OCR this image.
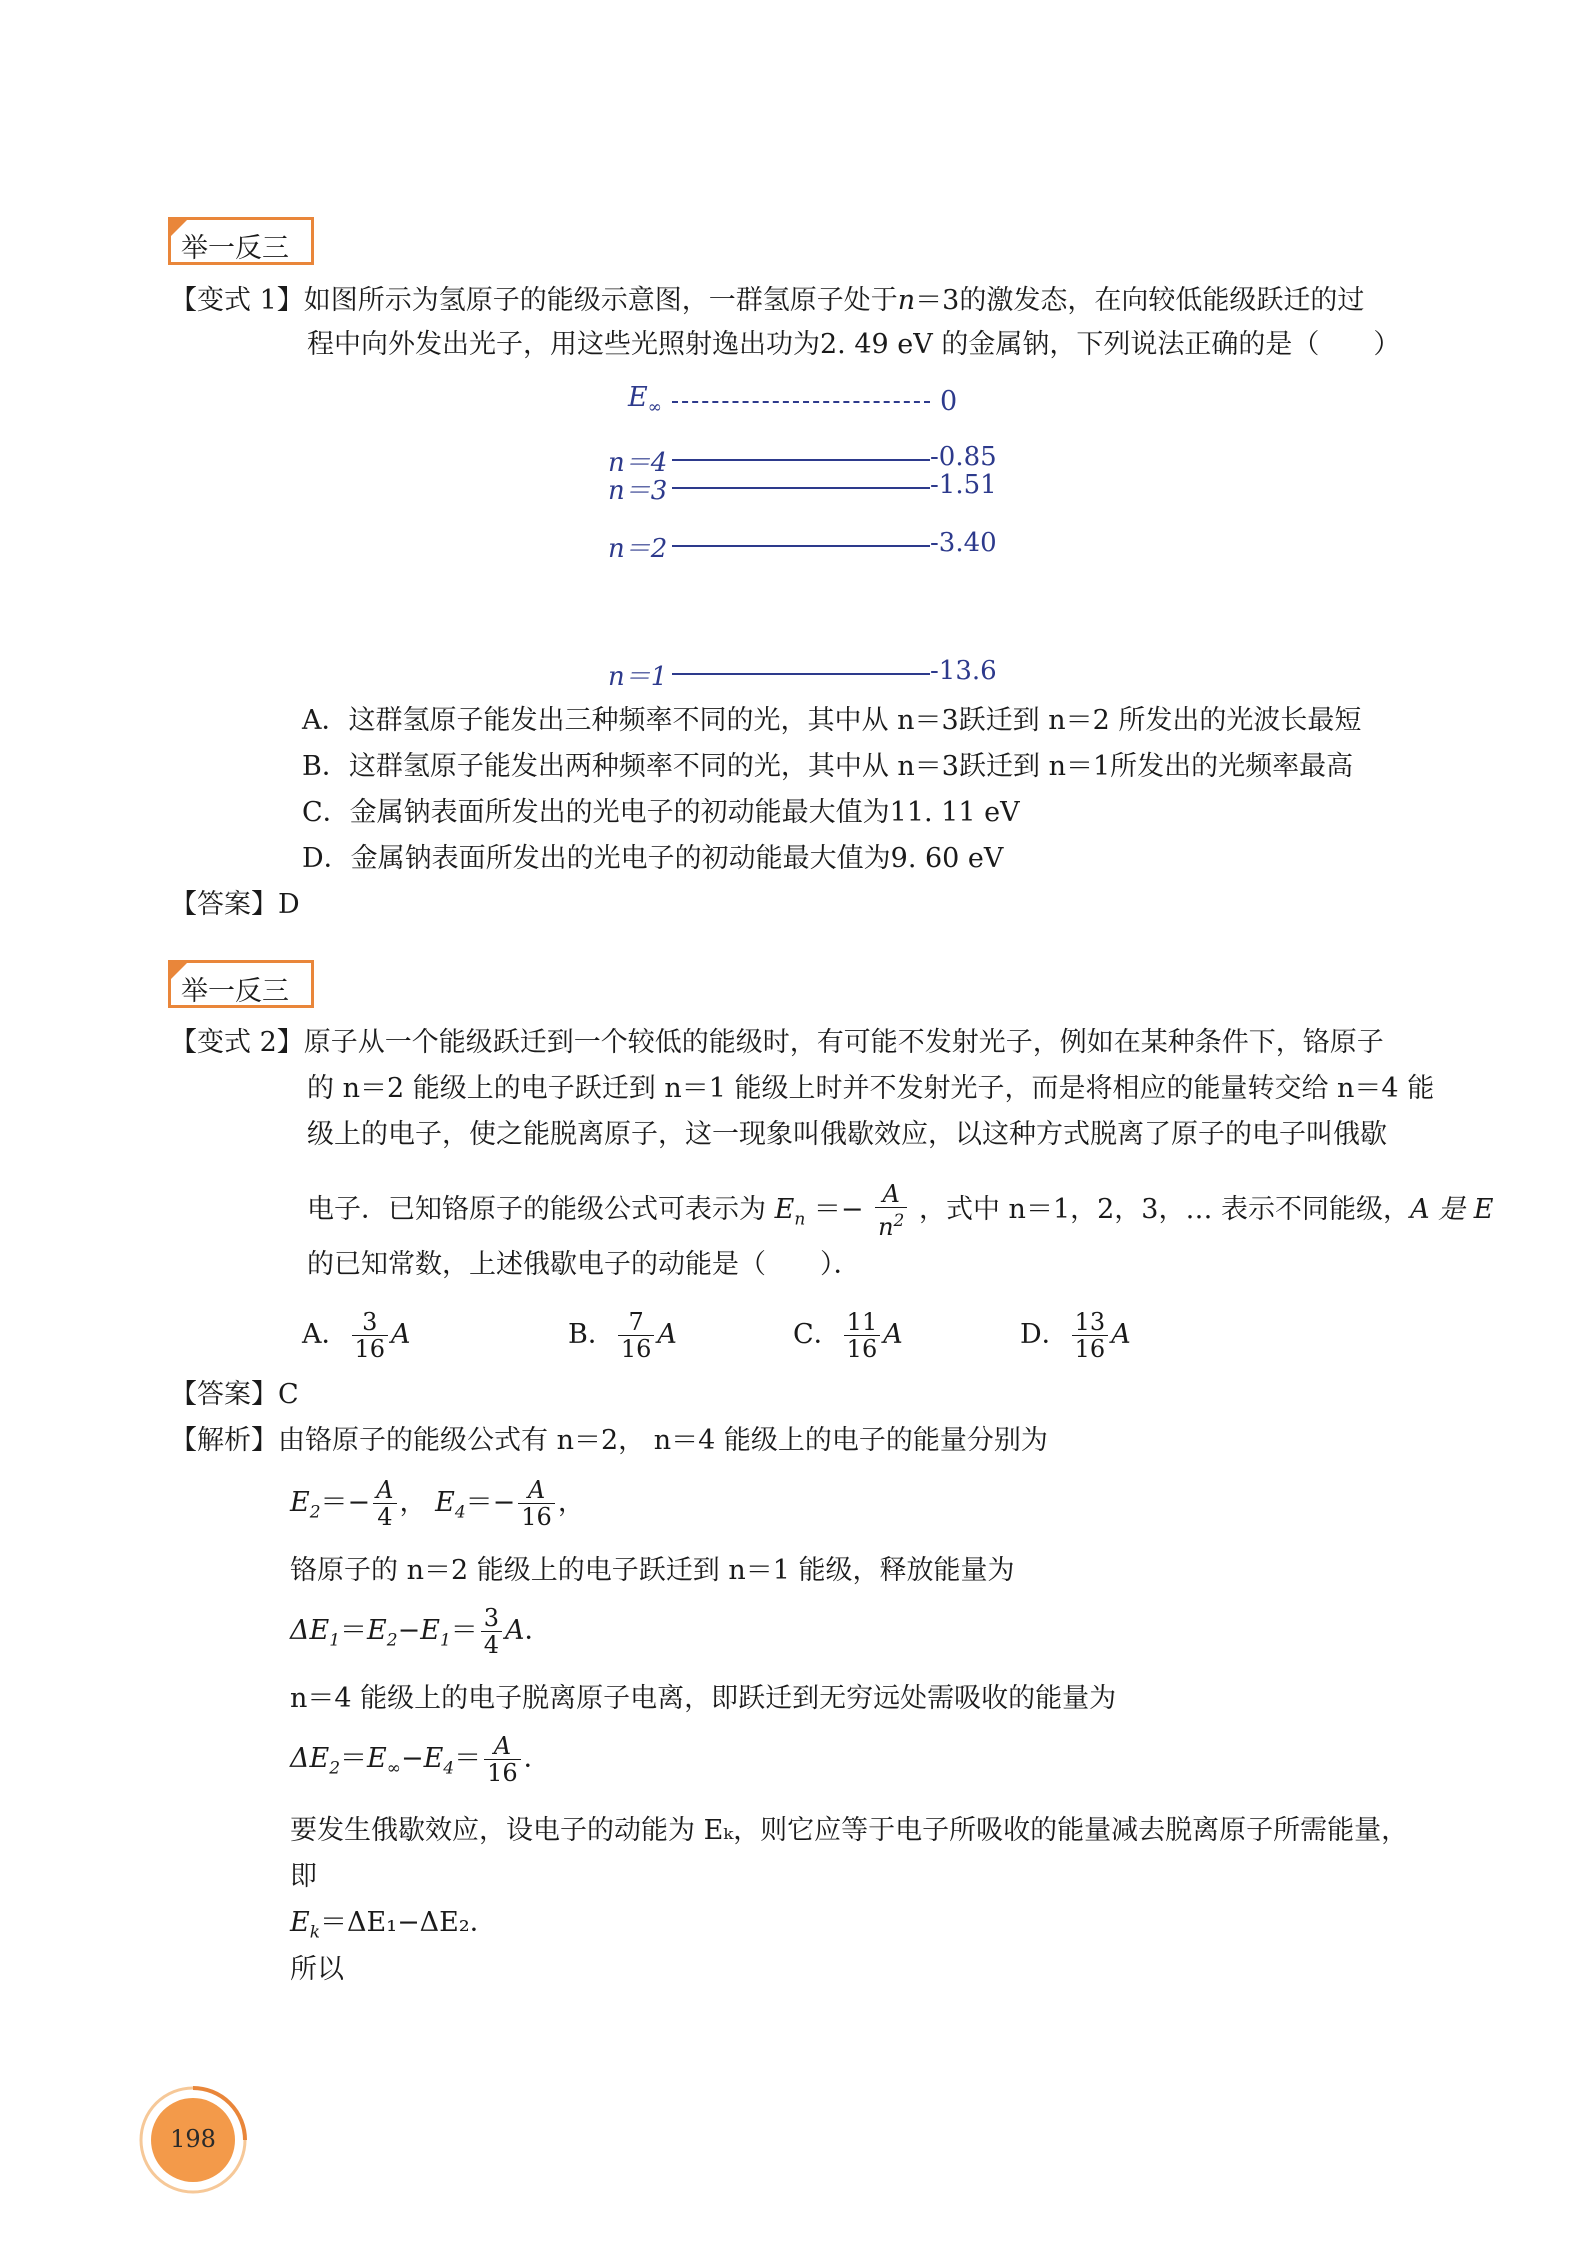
举一反三
【变式 1】如图所示为氢原子的能级示意图，一群氢原子处于n＝3的激发态，在向较低能级跃迁的过
程中向外发出光子，用这些光照射逸出功为2. 49 eV 的金属钠，下列说法正确的是（　　）
$E_\infty$	0
n＝4	-0.85
n＝3	-1.51
n＝2	-3.40
n＝1	-13.6
A．这群氢原子能发出三种频率不同的光，其中从 n＝3跃迁到 n＝2 所发出的光波长最短
B．这群氢原子能发出两种频率不同的光，其中从 n＝3跃迁到 n＝1所发出的光频率最高
C．金属钠表面所发出的光电子的初动能最大值为11. 11 eV
D．金属钠表面所发出的光电子的初动能最大值为9. 60 eV
【答案】D
举一反三
【变式 2】原子从一个能级跃迁到一个较低的能级时，有可能不发射光子，例如在某种条件下，铬原子
的 n＝2 能级上的电子跃迁到 n＝1 能级上时并不发射光子，而是将相应的能量转交给 n＝4 能
级上的电子，使之能脱离原子，这一现象叫俄歇效应，以这种方式脱离了原子的电子叫俄歇
电子．已知铬原子的能级公式可表示为 $E_n =- \frac{A}{n^2}$ ，式中 n＝1，2，3，… 表示不同能级，A 是 E
的已知常数，上述俄歇电子的动能是（　　）．
A． $\frac{3}{16}$ A	B． $\frac{7}{16}$ A	C． $\frac{11}{16}$ A	D． $\frac{13}{16}$ A
【答案】C
【解析】由铬原子的能级公式有 n＝2， n＝4 能级上的电子的能量分别为
$E_2=- \frac{A}{4}$ ， $E_4=- \frac{A}{16}$ ，
铬原子的 n＝2 能级上的电子跃迁到 n＝1 能级，释放能量为
$\Delta E_1=E_2-E_1= \frac{3}{4}$ A．
n＝4 能级上的电子脱离原子电离，即跃迁到无穷远处需吸收的能量为
$\Delta E_2=E_\infty-E_4= \frac{A}{16}$ ．
要发生俄歇效应，设电子的动能为 Eₖ，则它应等于电子所吸收的能量减去脱离原子所需能量，
即
$E_k=\Delta E_1-\Delta E_2$．
所以
198
